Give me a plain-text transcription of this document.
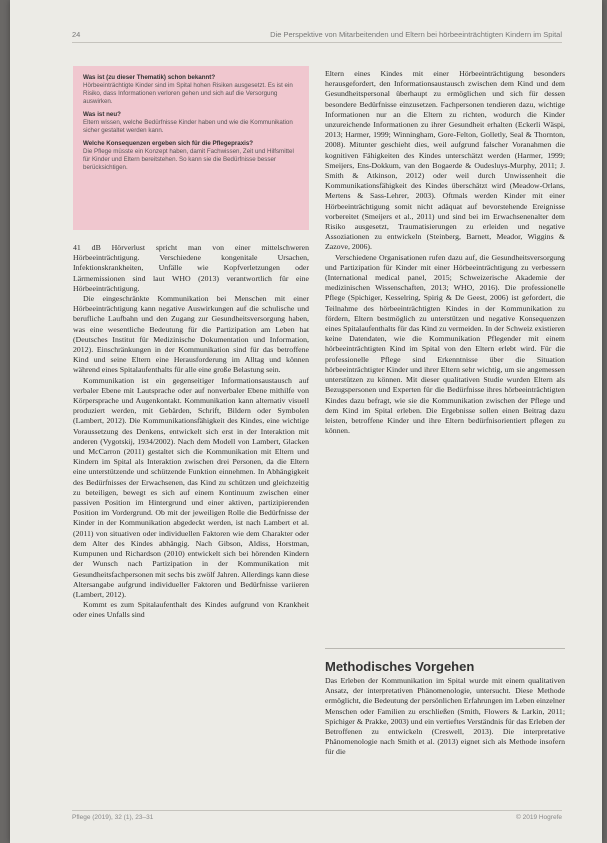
24	Die Perspektive von Mitarbeitenden und Eltern bei hörbeeinträchtigten Kindern im Spital
Was ist (zu dieser Thematik) schon bekannt?

Hörbeeinträchtigte Kinder sind im Spital hohen Risiken ausgesetzt. Es ist ein Risiko, dass Informationen verloren gehen und sich auf die Versorgung auswirken.

Was ist neu?

Eltern wissen, welche Bedürfnisse Kinder haben und wie die Kommunikation sicher gestaltet werden kann.

Welche Konsequenzen ergeben sich für die Pflegepraxis?

Die Pflege müsste ein Konzept haben, damit Fachwissen, Zeit und Hilfsmittel für Kinder und Eltern bereitstehen. So kann sie die Bedürfnisse besser berücksichtigen.

41 dB Hörverlust spricht man von einer mittelschweren Hörbeeinträchtigung. Verschiedene kongenitale Ursachen, Infektionskrankheiten, Unfälle wie Kopfverletzungen oder Lärmemissionen sind laut WHO (2013) verantwortlich für eine Hörbeeinträchtigung.

Die eingeschränkte Kommunikation bei Menschen mit einer Hörbeeinträchtigung kann negative Auswirkungen auf die schulische und berufliche Laufbahn und den Zugang zur Gesundheitsversorgung haben, was eine wesentliche Bedeutung für die Partizipation am Leben hat (Deutsches Institut für Medizinische Dokumentation und Information, 2012). Einschränkungen in der Kommunikation sind für das betroffene Kind und seine Eltern eine Herausforderung im Alltag und können während eines Spitalaufenthalts für alle eine große Belastung sein.

Kommunikation ist ein gegenseitiger Informationsaustausch auf verbaler Ebene mit Lautsprache oder auf nonverbaler Ebene mithilfe von Körpersprache und Augenkontakt. Kommunikation kann alternativ visuell produziert werden, mit Gebärden, Schrift, Bildern oder Symbolen (Lambert, 2012). Die Kommunikationsfähigkeit des Kindes, eine wichtige Voraussetzung des Denkens, entwickelt sich erst in der Interaktion mit anderen (Vygotskij, 1934/2002). Nach dem Modell von Lambert, Glacken und McCarron (2011) gestaltet sich die Kommunikation mit Eltern und Kindern im Spital als Interaktion zwischen drei Personen, da die Eltern eine unterstützende und schützende Funktion einnehmen. In Abhängigkeit des Bedürfnisses der Erwachsenen, das Kind zu schützen und gleichzeitig zu beteiligen, bewegt es sich auf einem Kontinuum zwischen einer passiven Position im Hintergrund und einer aktiven, partizipierenden Position im Vordergrund. Ob mit der jeweiligen Rolle die Bedürfnisse der Kinder in der Kommunikation abgedeckt werden, ist nach Lambert et al. (2011) von situativen oder individuellen Faktoren wie dem Charakter oder dem Alter des Kindes abhängig. Nach Gibson, Aldiss, Horstman, Kumpunen und Richardson (2010) entwickelt sich bei hörenden Kindern der Wunsch nach Partizipation in der Kommunikation mit Gesundheitsfachpersonen mit sechs bis zwölf Jahren. Allerdings kann diese Altersangabe aufgrund individueller Faktoren und Bedürfnisse variieren (Lambert, 2012).

Kommt es zum Spitalaufenthalt des Kindes aufgrund von Krankheit oder eines Unfalls sind

Eltern eines Kindes mit einer Hörbeeinträchtigung besonders herausgefordert, den Informationsaustausch zwischen dem Kind und dem Gesundheitspersonal überhaupt zu ermöglichen und sich für dessen besondere Bedürfnisse einzusetzen. Fachpersonen tendieren dazu, wichtige Informationen nur an die Eltern zu richten, wodurch die Kinder unzureichende Informationen zu ihrer Gesundheit erhalten (Eckerli Wäspi, 2013; Harmer, 1999; Winningham, Gore-Felton, Golletly, Seal & Thornton, 2008). Mitunter geschieht dies, weil aufgrund falscher Voranahmen die kognitiven Fähigkeiten des Kindes unterschätzt werden (Harmer, 1999; Smeijers, Ens-Dokkum, van den Bogaerde & Oudesluys-Murphy, 2011; J. Smith & Atkinson, 2012) oder weil durch Unwissenheit die Kommunikationsfähigkeit des Kindes überschätzt wird (Meadow-Orlans, Mertens & Sass-Lehrer, 2003). Oftmals werden Kinder mit einer Hörbeeinträchtigung somit nicht adäquat auf bevorstehende Ereignisse vorbereitet (Smeijers et al., 2011) und sind bei im Erwachsenenalter dem Risiko ausgesetzt, Traumatisierungen zu erleiden und negative Assoziationen zu entwickeln (Steinberg, Barnett, Meador, Wiggins & Zazove, 2006).

Verschiedene Organisationen rufen dazu auf, die Gesundheitsversorgung und Partizipation für Kinder mit einer Hörbeeinträchtigung zu verbessern (International medical panel, 2015; Schweizerische Akademie der medizinischen Wissenschaften, 2013; WHO, 2016). Die professionelle Pflege (Spichiger, Kesselring, Spirig & De Geest, 2006) ist gefordert, die Teilnahme des hörbeeinträchtigten Kindes in der Kommunikation zu fördern, Eltern bestmöglich zu unterstützen und negative Konsequenzen eines Spitalaufenthalts für das Kind zu vermeiden. In der Schweiz existieren keine Datendaten, wie die Kommunikation Pflegender mit einem hörbeeinträchtigten Kind im Spital von den Eltern erlebt wird. Für die professionelle Pflege sind Erkenntnisse über die Situation hörbeeinträchtigter Kinder und ihrer Eltern sehr wichtig, um sie angemessen unterstützen zu können. Mit dieser qualitativen Studie wurden Eltern als Bezugspersonen und Experten für die Bedürfnisse ihres hörbeeinträchtigten Kindes dazu befragt, wie sie die Kommunikation zwischen der Pflege und dem Kind im Spital erleben. Die Ergebnisse sollen einen Beitrag dazu leisten, betroffene Kinder und ihre Eltern bedürfnisorientiert pflegen zu können.

Methodisches Vorgehen

Das Erleben der Kommunikation im Spital wurde mit einem qualitativen Ansatz, der interpretativen Phänomenologie, untersucht. Diese Methode ermöglicht, die Bedeutung der persönlichen Erfahrungen im Leben einzelner Menschen oder Familien zu erschließen (Smith, Flowers & Larkin, 2011; Spichiger & Prakke, 2003) und ein vertieftes Verständnis für das Erleben der Betroffenen zu entwickeln (Creswell, 2013). Die interpretative Phänomenologie nach Smith et al. (2013) eignet sich als Methode insofern für die

Pflege (2019), 32 (1), 23–31	© 2019 Hogrefe
